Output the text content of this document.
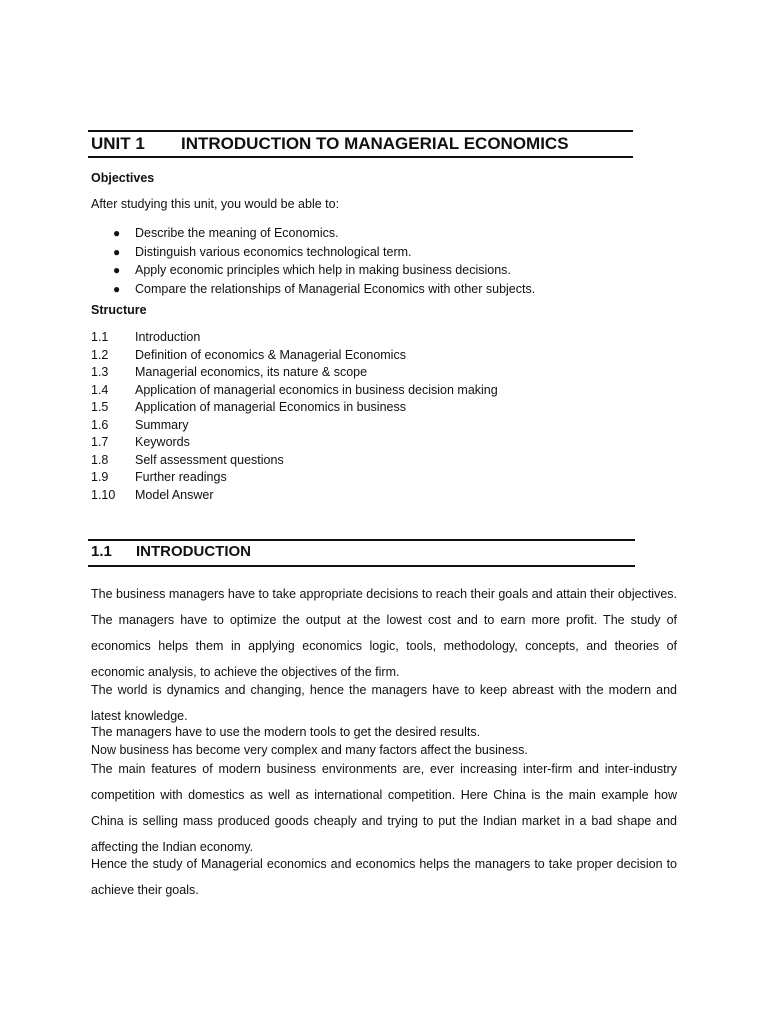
UNIT 1 INTRODUCTION TO MANAGERIAL ECONOMICS
Objectives
After studying this unit, you would be able to:
● Describe the meaning of Economics.
● Distinguish various economics technological term.
● Apply economic principles which help in making business decisions.
● Compare the relationships of Managerial Economics with other subjects.
Structure
1.1 Introduction
1.2 Definition of economics & Managerial Economics
1.3 Managerial economics, its nature & scope
1.4 Application of managerial economics in business decision making
1.5 Application of managerial Economics in business
1.6 Summary
1.7 Keywords
1.8 Self assessment questions
1.9 Further readings
1.10 Model Answer
1.1 INTRODUCTION

The business managers have to take appropriate decisions to reach their goals and attain their objectives. The managers have to optimize the output at the lowest cost and to earn more profit. The study of economics helps them in applying economics logic, tools, methodology, concepts, and theories of economic analysis, to achieve the objectives of the firm.

The world is dynamics and changing, hence the managers have to keep abreast with the modern and latest knowledge.

The managers have to use the modern tools to get the desired results.

Now business has become very complex and many factors affect the business.

The main features of modern business environments are, ever increasing inter-firm and inter-industry competition with domestics as well as international competition. Here China is the main example how China is selling mass produced goods cheaply and trying to put the Indian market in a bad shape and affecting the Indian economy.

Hence the study of Managerial economics and economics helps the managers to take proper decision to achieve their goals.
